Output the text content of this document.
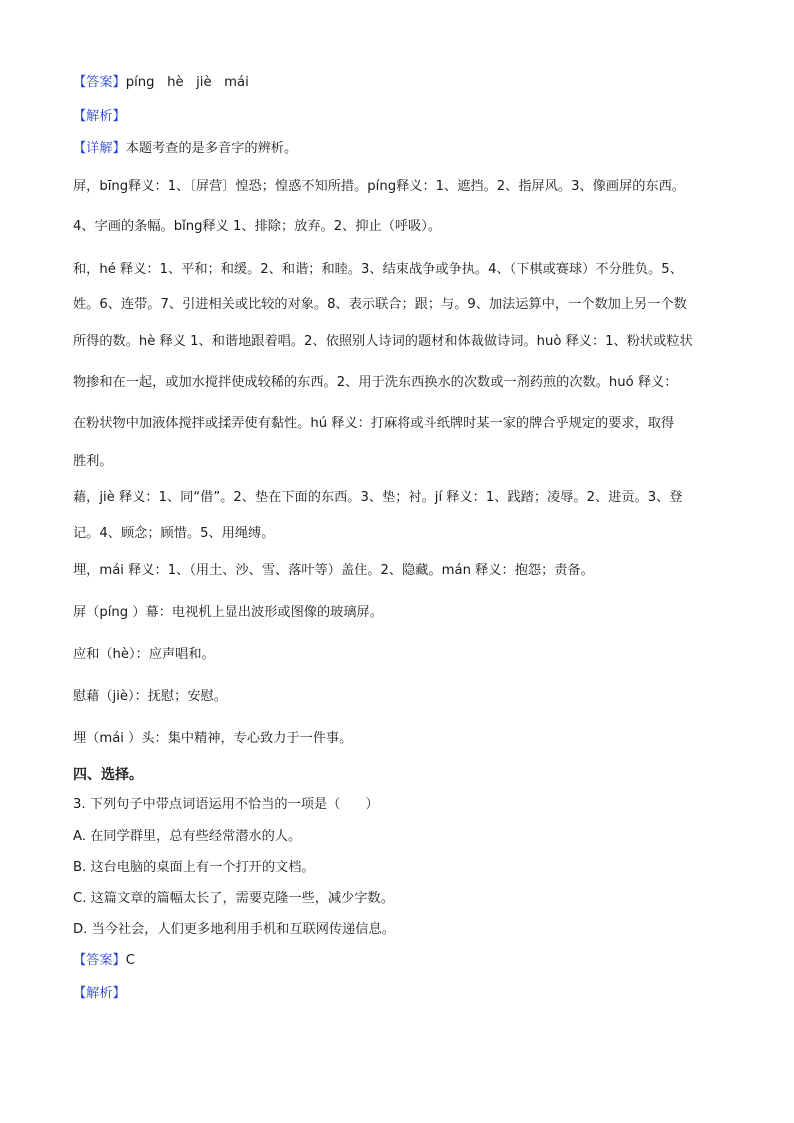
【答案】píng   hè   jiè   mái
【解析】
【详解】本题考查的是多音字的辨析。
屏，bīng释义：1、〔屏营〕惶恐；惶惑不知所措。píng释义：1、遮挡。2、指屏风。3、像画屏的东西。
4、字画的条幅。bǐng释义 1、排除；放弃。2、抑止（呼吸）。
和，hé 释义：1、平和；和缓。2、和谐；和睦。3、结束战争或争执。4、（下棋或赛球）不分胜负。5、
姓。6、连带。7、引进相关或比较的对象。8、表示联合；跟；与。9、加法运算中，一个数加上另一个数
所得的数。hè 释义 1、和谐地跟着唱。2、依照别人诗词的题材和体裁做诗词。huò 释义：1、粉状或粒状
物掺和在一起，或加水搅拌使成较稀的东西。2、用于洗东西换水的次数或一剂药煎的次数。huó 释义：
在粉状物中加液体搅拌或揉弄使有黏性。hú 释义：打麻将或斗纸牌时某一家的牌合乎规定的要求，取得
胜利。
藉，jiè 释义：1、同“借”。2、垫在下面的东西。3、垫；衬。jí 释义：1、践踏；凌辱。2、进贡。3、登
记。4、顾念；顾惜。5、用绳缚。
埋，mái 释义：1、（用土、沙、雪、落叶等）盖住。2、隐藏。mán 释义：抱怨；责备。
屏（píng ）幕：电视机上显出波形或图像的玻璃屏。
应和（hè）：应声唱和。
慰藉（jiè）：抚慰；安慰。
埋（mái ）头：集中精神，专心致力于一件事。
四、选择。
3. 下列句子中带点词语运用不恰当的一项是（      ）
A. 在同学群里，总有些经常潜水的人。
B. 这台电脑的桌面上有一个打开的文档。
C. 这篇文章的篇幅太长了，需要克隆一些，减少字数。
D. 当今社会，人们更多地利用手机和互联网传递信息。
【答案】C
【解析】
